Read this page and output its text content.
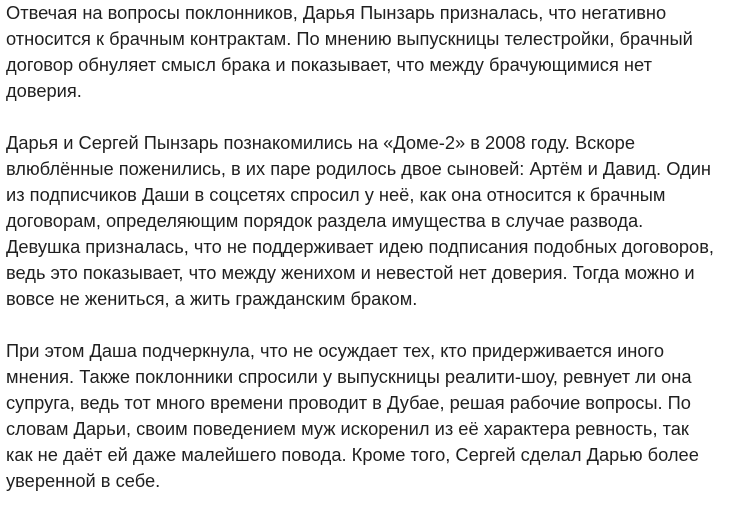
Отвечая на вопросы поклонников, Дарья Пынзарь призналась, что негативно относится к брачным контрактам. По мнению выпускницы телестройки, брачный договор обнуляет смысл брака и показывает, что между брачующимися нет доверия.

Дарья и Сергей Пынзарь познакомились на «Доме-2» в 2008 году. Вскоре влюблённые поженились, в их паре родилось двое сыновей: Артём и Давид. Один из подписчиков Даши в соцсетях спросил у неё, как она относится к брачным договорам, определяющим порядок раздела имущества в случае развода. Девушка призналась, что не поддерживает идею подписания подобных договоров, ведь это показывает, что между женихом и невестой нет доверия. Тогда можно и вовсе не жениться, а жить гражданским браком.

При этом Даша подчеркнула, что не осуждает тех, кто придерживается иного мнения. Также поклонники спросили у выпускницы реалити-шоу, ревнует ли она супруга, ведь тот много времени проводит в Дубае, решая рабочие вопросы. По словам Дарьи, своим поведением муж искоренил из её характера ревность, так как не даёт ей даже малейшего повода. Кроме того, Сергей сделал Дарью более уверенной в себе.
